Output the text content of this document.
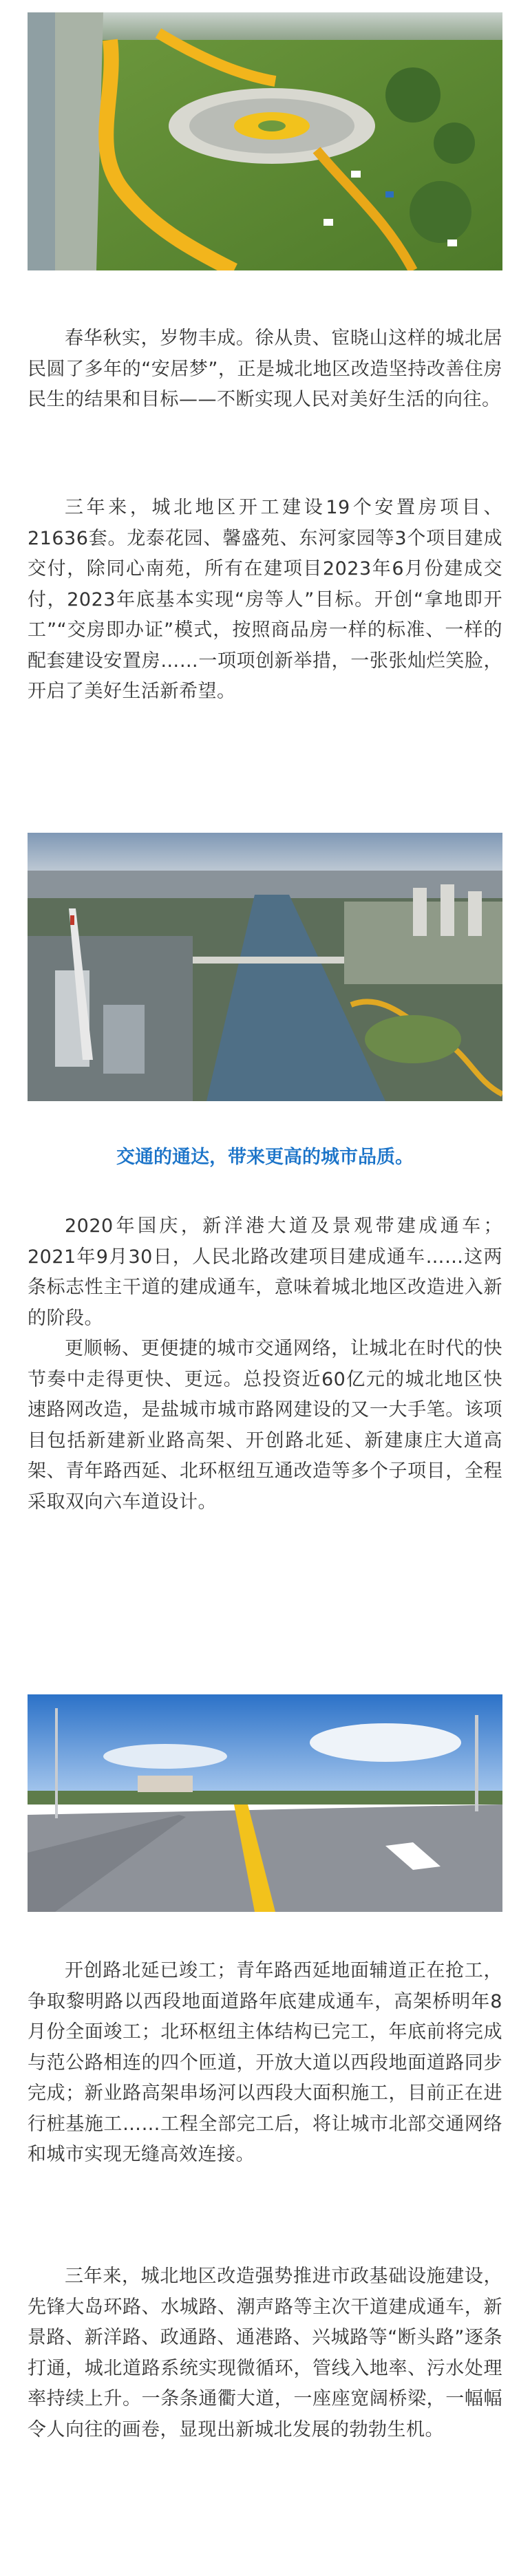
春华秋实，岁物丰成。徐从贵、宦晓山这样的城北居民圆了多年的“安居梦”，正是城北地区改造坚持改善住房民生的结果和目标——不断实现人民对美好生活的向往。

三年来，城北地区开工建设19个安置房项目、21636套。龙泰花园、馨盛苑、东河家园等3个项目建成交付，除同心南苑，所有在建项目2023年6月份建成交付，2023年底基本实现“房等人”目标。开创“拿地即开工”“交房即办证”模式，按照商品房一样的标准、一样的配套建设安置房……一项项创新举措，一张张灿烂笑脸，开启了美好生活新希望。

交通的通达，带来更高的城市品质。

2020年国庆，新洋港大道及景观带建成通车；2021年9月30日，人民北路改建项目建成通车……这两条标志性主干道的建成通车，意味着城北地区改造进入新的阶段。

更顺畅、更便捷的城市交通网络，让城北在时代的快节奏中走得更快、更远。总投资近60亿元的城北地区快速路网改造，是盐城市城市路网建设的又一大手笔。该项目包括新建新业路高架、开创路北延、新建康庄大道高架、青年路西延、北环枢纽互通改造等多个子项目，全程采取双向六车道设计。

开创路北延已竣工；青年路西延地面辅道正在抢工，争取黎明路以西段地面道路年底建成通车，高架桥明年8月份全面竣工；北环枢纽主体结构已完工，年底前将完成与范公路相连的四个匝道，开放大道以西段地面道路同步完成；新业路高架串场河以西段大面积施工，目前正在进行桩基施工……工程全部完工后，将让城市北部交通网络和城市实现无缝高效连接。

三年来，城北地区改造强势推进市政基础设施建设，先锋大岛环路、水城路、潮声路等主次干道建成通车，新景路、新洋路、政通路、通港路、兴城路等“断头路”逐条打通，城北道路系统实现微循环，管线入地率、污水处理率持续上升。一条条通衢大道，一座座宽阔桥梁，一幅幅令人向往的画卷，显现出新城北发展的勃勃生机。
